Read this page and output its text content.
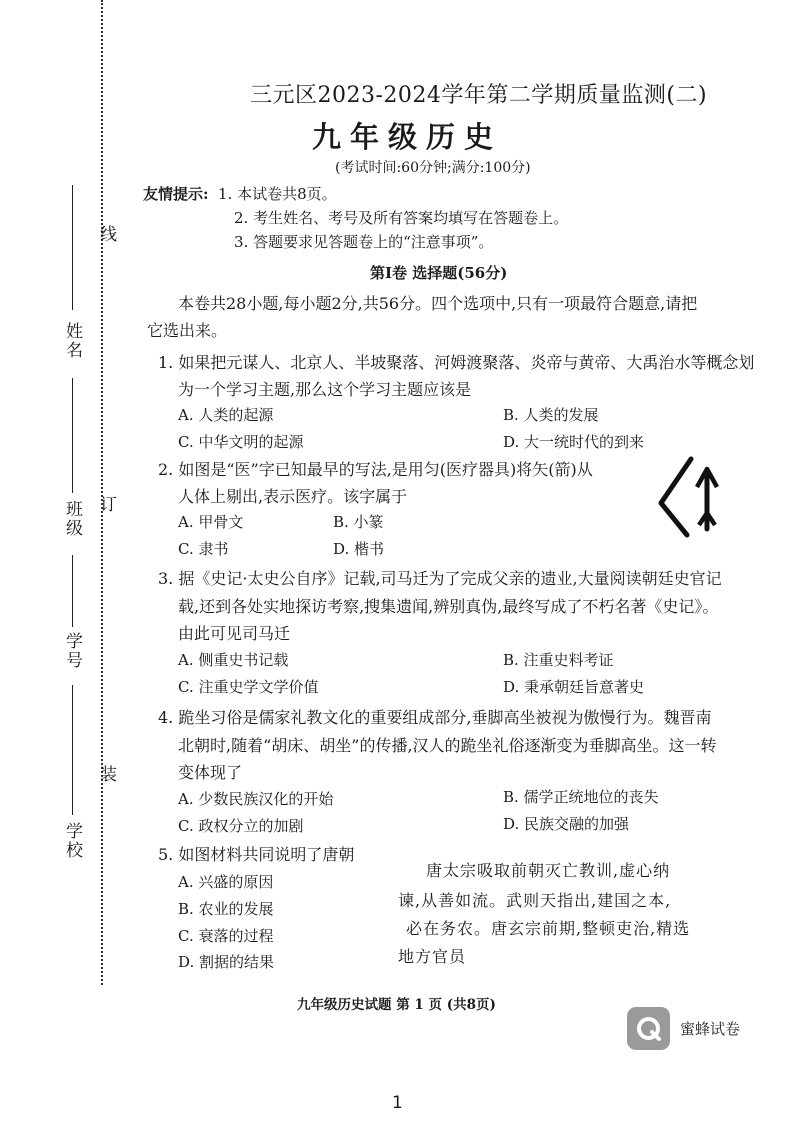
线
订
装
姓名
班级
学号
学校
三元区2023-2024学年第二学期质量监测(二)
九年级历史
(考试时间:60分钟;满分:100分)
友情提示: 1. 本试卷共8页。
2. 考生姓名、考号及所有答案均填写在答题卷上。
3. 答题要求见答题卷上的“注意事项”。
第Ⅰ卷 选择题(56分)
本卷共28小题,每小题2分,共56分。四个选项中,只有一项最符合题意,请把
它选出来。
1. 如果把元谋人、北京人、半坡聚落、河姆渡聚落、炎帝与黄帝、大禹治水等概念划
为一个学习主题,那么这个学习主题应该是
A. 人类的起源	B. 人类的发展
C. 中华文明的起源	D. 大一统时代的到来
2. 如图是“医”字已知最早的写法,是用匀(医疗器具)将矢(箭)从
人体上剔出,表示医疗。该字属于
A. 甲骨文	B. 小篆
C. 隶书	D. 楷书
3. 据《史记·太史公自序》记载,司马迁为了完成父亲的遗业,大量阅读朝廷史官记
载,还到各处实地探访考察,搜集遗闻,辨别真伪,最终写成了不朽名著《史记》。
由此可见司马迁
A. 侧重史书记载	B. 注重史料考证
C. 注重史学文学价值	D. 秉承朝廷旨意著史
4. 跪坐习俗是儒家礼教文化的重要组成部分,垂脚高坐被视为傲慢行为。魏晋南
北朝时,随着“胡床、胡坐”的传播,汉人的跪坐礼俗逐渐变为垂脚高坐。这一转
变体现了
A. 少数民族汉化的开始	B. 儒学正统地位的丧失
C. 政权分立的加剧	D. 民族交融的加强
5. 如图材料共同说明了唐朝
A. 兴盛的原因
B. 农业的发展
C. 衰落的过程
D. 割据的结果
唐太宗吸取前朝灭亡教训,虚心纳
谏,从善如流。武则天指出,建国之本,
必在务农。唐玄宗前期,整顿吏治,精选
地方官员
九年级历史试题 第 1 页 (共8页)
蜜蜂试卷
1
